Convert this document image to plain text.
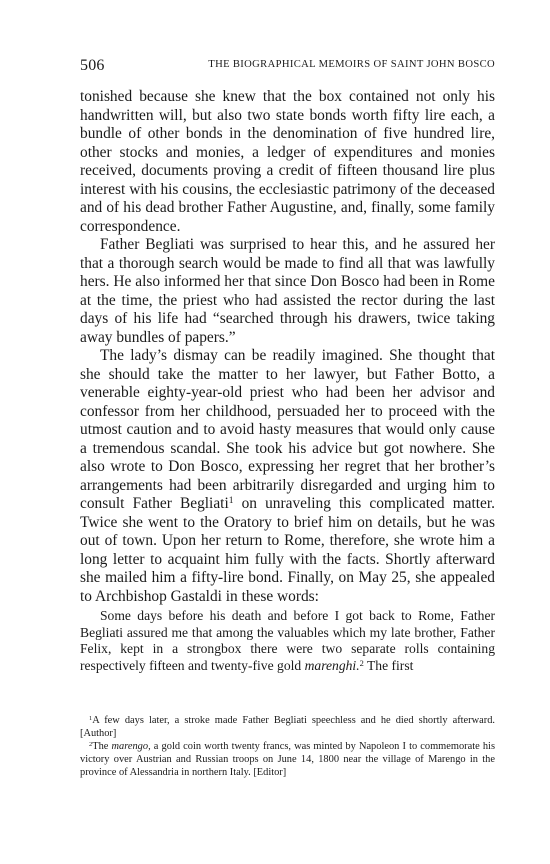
506	THE BIOGRAPHICAL MEMOIRS OF SAINT JOHN BOSCO

tonished because she knew that the box contained not only his handwritten will, but also two state bonds worth fifty lire each, a bundle of other bonds in the denomination of five hundred lire, other stocks and monies, a ledger of expenditures and monies received, documents proving a credit of fifteen thousand lire plus interest with his cousins, the ecclesiastic patrimony of the deceased and of his dead brother Father Augustine, and, finally, some family correspondence.

Father Begliati was surprised to hear this, and he assured her that a thorough search would be made to find all that was lawfully hers. He also informed her that since Don Bosco had been in Rome at the time, the priest who had assisted the rector during the last days of his life had “searched through his drawers, twice taking away bundles of papers.”

The lady’s dismay can be readily imagined. She thought that she should take the matter to her lawyer, but Father Botto, a venerable eighty-year-old priest who had been her advisor and confessor from her childhood, persuaded her to proceed with the utmost caution and to avoid hasty measures that would only cause a tremendous scandal. She took his advice but got nowhere. She also wrote to Don Bosco, expressing her regret that her brother’s arrangements had been arbitrarily disregarded and urging him to consult Father Begliati$^1$ on unraveling this complicated matter. Twice she went to the Oratory to brief him on details, but he was out of town. Upon her return to Rome, therefore, she wrote him a long letter to acquaint him fully with the facts. Shortly afterward she mailed him a fifty-lire bond. Finally, on May 25, she appealed to Archbishop Gastaldi in these words:

Some days before his death and before I got back to Rome, Father Begliati assured me that among the valuables which my late brother, Father Felix, kept in a strongbox there were two separate rolls containing respectively fifteen and twenty-five gold marenghi.$^2$ The first

$^1$A few days later, a stroke made Father Begliati speechless and he died shortly afterward. [Author]

$^2$The marengo, a gold coin worth twenty francs, was minted by Napoleon I to commemorate his victory over Austrian and Russian troops on June 14, 1800 near the village of Marengo in the province of Alessandria in northern Italy. [Editor]
